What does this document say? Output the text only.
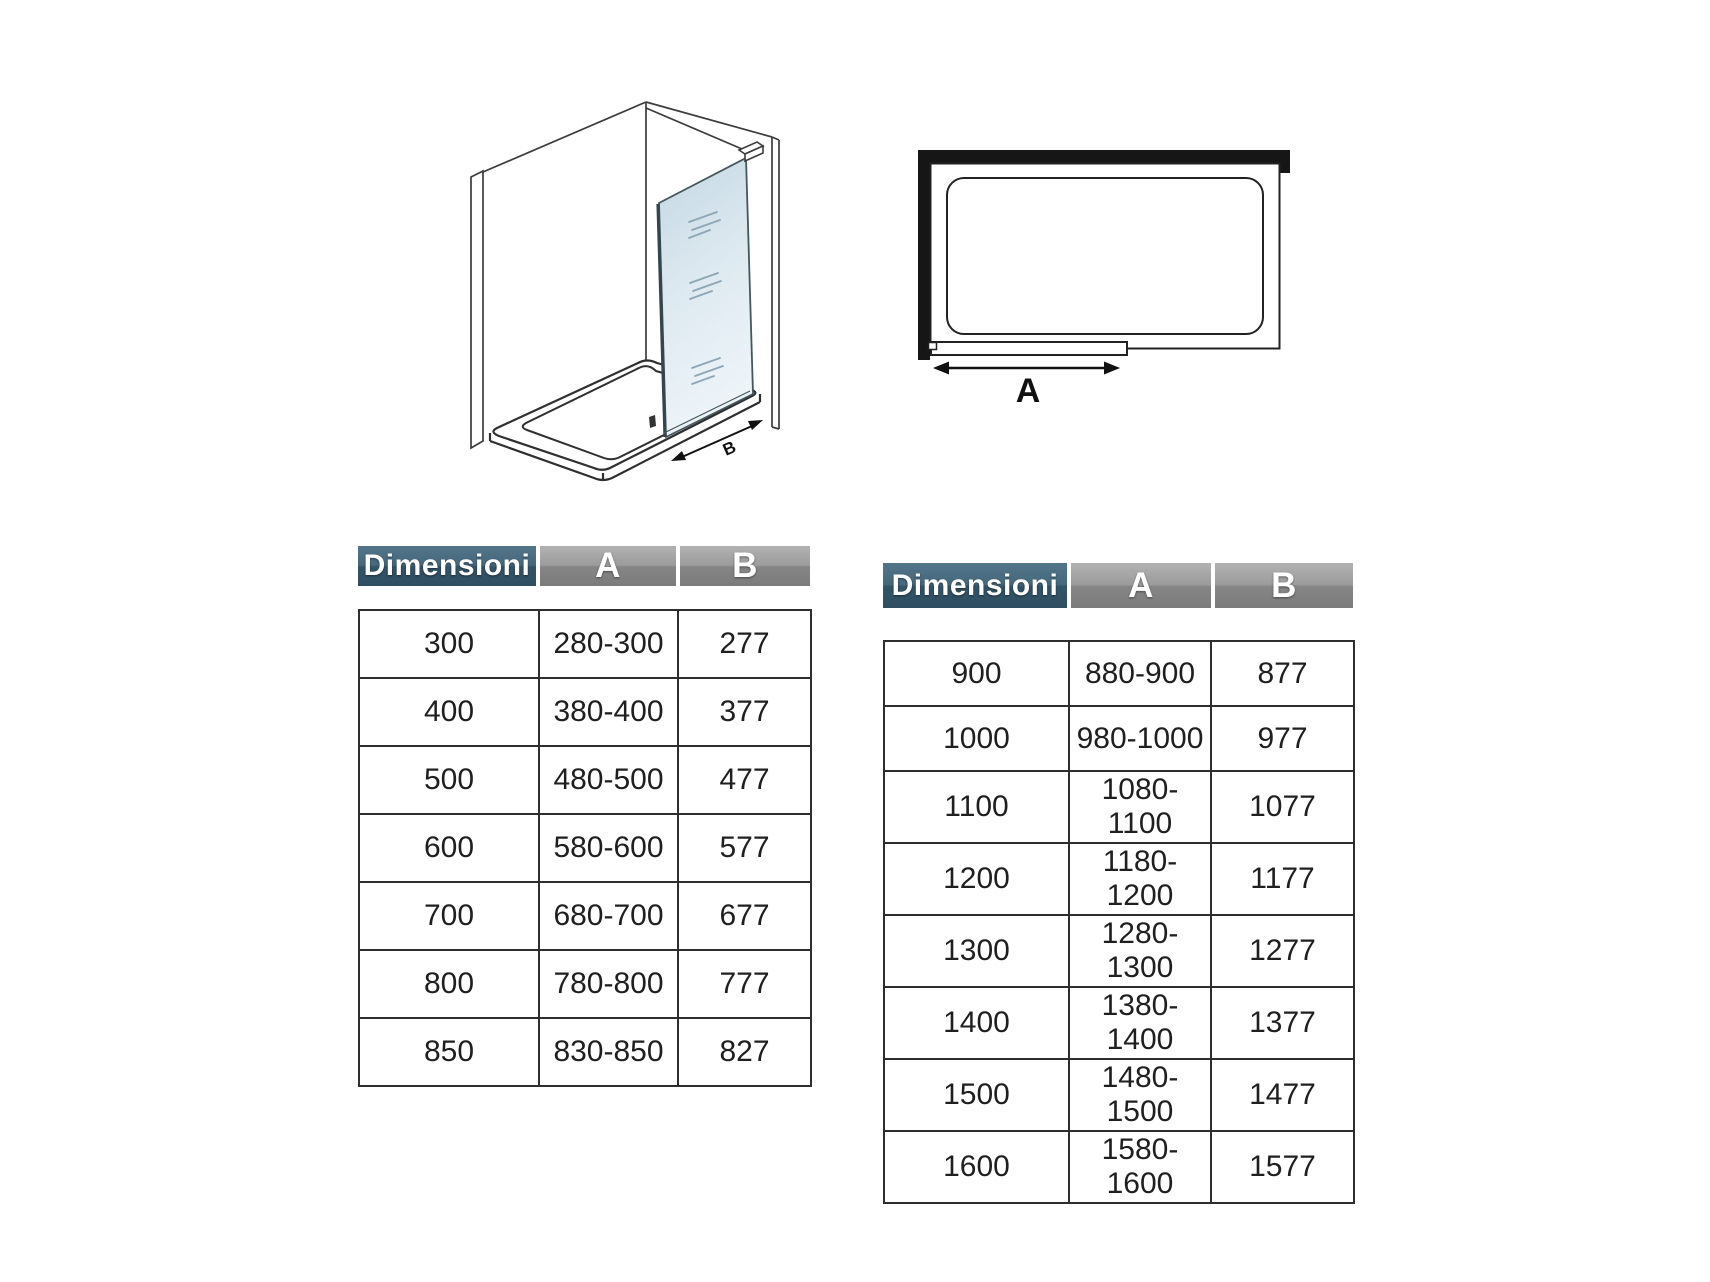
B
A
Dimensioni	A	B
300	280-300	277
400	380-400	377
500	480-500	477
600	580-600	577
700	680-700	677
800	780-800	777
850	830-850	827
Dimensioni	A	B
900	880-900	877
1000	980-1000	977
1100	1080-1100	1077
1200	1180-1200	1177
1300	1280-1300	1277
1400	1380-1400	1377
1500	1480-1500	1477
1600	1580-1600	1577
